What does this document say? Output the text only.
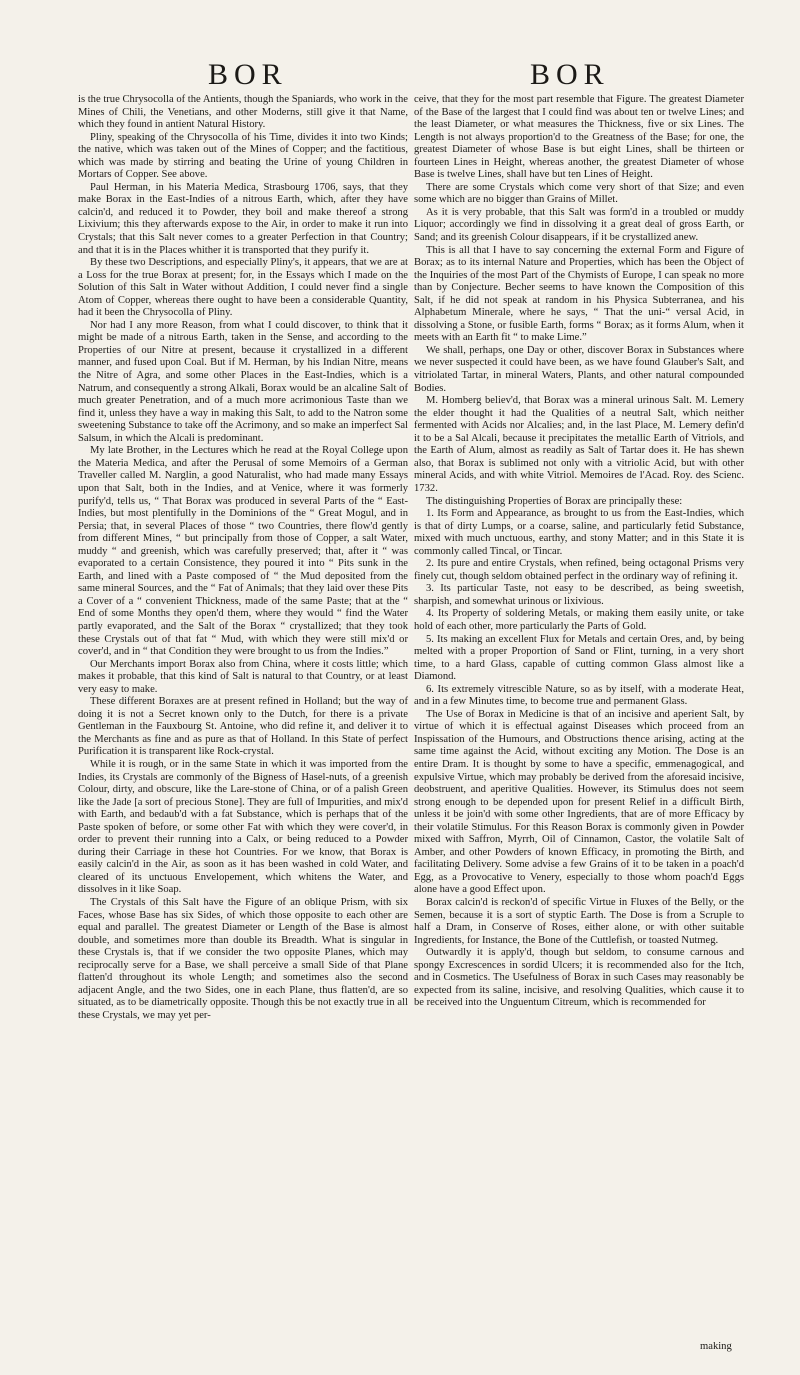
BOR	BOR

is the true Chrysocolla of the Antients, though the Spaniards, who work in the Mines of Chili, the Venetians, and other Moderns, still give it that Name, which they found in antient Natural History.

Pliny, speaking of the Chrysocolla of his Time, divides it into two Kinds; the native, which was taken out of the Mines of Copper; and the factitious, which was made by stirring and beating the Urine of young Children in Mortars of Copper. See above.

Paul Herman, in his Materia Medica, Strasbourg 1706, says, that they make Borax in the East-Indies of a nitrous Earth, which, after they have calcin'd, and reduced it to Powder, they boil and make thereof a strong Lixivium; this they afterwards expose to the Air, in order to make it run into Crystals; that this Salt never comes to a greater Perfection in that Country; and that it is in the Places whither it is transported that they purify it.

By these two Descriptions, and especially Pliny's, it appears, that we are at a Loss for the true Borax at present; for, in the Essays which I made on the Solution of this Salt in Water without Addition, I could never find a single Atom of Copper, whereas there ought to have been a considerable Quantity, had it been the Chrysocolla of Pliny.

Nor had I any more Reason, from what I could discover, to think that it might be made of a nitrous Earth, taken in the Sense, and according to the Properties of our Nitre at present, because it crystallized in a different manner, and fused upon Coal. But if M. Herman, by his Indian Nitre, means the Nitre of Agra, and some other Places in the East-Indies, which is a Natrum, and consequently a strong Alkali, Borax would be an alcaline Salt of much greater Penetration, and of a much more acrimonious Taste than we find it, unless they have a way in making this Salt, to add to the Natron some sweetening Substance to take off the Acrimony, and so make an imperfect Sal Salsum, in which the Alcali is predominant.

My late Brother, in the Lectures which he read at the Royal College upon the Materia Medica, and after the Perusal of some Memoirs of a German Traveller called M. Narglin, a good Naturalist, who had made many Essays upon that Salt, both in the Indies, and at Venice, where it was formerly purify'd, tells us, “ That Borax was produced in several Parts of the “ East-Indies, but most plentifully in the Dominions of the “ Great Mogul, and in Persia; that, in several Places of those “ two Countries, there flow'd gently from different Mines, “ but principally from those of Copper, a salt Water, muddy “ and greenish, which was carefully preserved; that, after it “ was evaporated to a certain Consistence, they poured it into “ Pits sunk in the Earth, and lined with a Paste composed of “ the Mud deposited from the same mineral Sources, and the “ Fat of Animals; that they laid over these Pits a Cover of a “ convenient Thickness, made of the same Paste; that at the “ End of some Months they open'd them, where they would “ find the Water partly evaporated, and the Salt of the Borax “ crystallized; that they took these Crystals out of that fat “ Mud, with which they were still mix'd or cover'd, and in “ that Condition they were brought to us from the Indies.”

Our Merchants import Borax also from China, where it costs little; which makes it probable, that this kind of Salt is natural to that Country, or at least very easy to make.

These different Boraxes are at present refined in Holland; but the way of doing it is not a Secret known only to the Dutch, for there is a private Gentleman in the Fauxbourg St. Antoine, who did refine it, and deliver it to the Merchants as fine and as pure as that of Holland. In this State of perfect Purification it is transparent like Rock-crystal.

While it is rough, or in the same State in which it was imported from the Indies, its Crystals are commonly of the Bigness of Hasel-nuts, of a greenish Colour, dirty, and obscure, like the Lare-stone of China, or of a palish Green like the Jade [a sort of precious Stone]. They are full of Impurities, and mix'd with Earth, and bedaub'd with a fat Substance, which is perhaps that of the Paste spoken of before, or some other Fat with which they were cover'd, in order to prevent their running into a Calx, or being reduced to a Powder during their Carriage in these hot Countries. For we know, that Borax is easily calcin'd in the Air, as soon as it has been washed in cold Water, and cleared of its unctuous Envelopement, which whitens the Water, and dissolves in it like Soap.

The Crystals of this Salt have the Figure of an oblique Prism, with six Faces, whose Base has six Sides, of which those opposite to each other are equal and parallel. The greatest Diameter or Length of the Base is almost double, and sometimes more than double its Breadth. What is singular in these Crystals is, that if we consider the two opposite Planes, which may reciprocally serve for a Base, we shall perceive a small Side of that Plane flatten'd throughout its whole Length; and sometimes also the second adjacent Angle, and the two Sides, one in each Plane, thus flatten'd, are so situated, as to be diametrically opposite. Though this be not exactly true in all these Crystals, we may yet per-

ceive, that they for the most part resemble that Figure. The greatest Diameter of the Base of the largest that I could find was about ten or twelve Lines; and the least Diameter, or what measures the Thickness, five or six Lines. The Length is not always proportion'd to the Greatness of the Base; for one, the greatest Diameter of whose Base is but eight Lines, shall be thirteen or fourteen Lines in Height, whereas another, the greatest Diameter of whose Base is twelve Lines, shall have but ten Lines of Height.

There are some Crystals which come very short of that Size; and even some which are no bigger than Grains of Millet.

As it is very probable, that this Salt was form'd in a troubled or muddy Liquor; accordingly we find in dissolving it a great deal of gross Earth, or Sand; and its greenish Colour disappears, if it be crystallized anew.

This is all that I have to say concerning the external Form and Figure of Borax; as to its internal Nature and Properties, which has been the Object of the Inquiries of the most Part of the Chymists of Europe, I can speak no more than by Conjecture. Becher seems to have known the Composition of this Salt, if he did not speak at random in his Physica Subterranea, and his Alphabetum Minerale, where he says, “ That the uni-“ versal Acid, in dissolving a Stone, or fusible Earth, forms “ Borax; as it forms Alum, when it meets with an Earth fit “ to make Lime.”

We shall, perhaps, one Day or other, discover Borax in Substances where we never suspected it could have been, as we have found Glauber's Salt, and vitriolated Tartar, in mineral Waters, Plants, and other natural compounded Bodies.

M. Homberg believ'd, that Borax was a mineral urinous Salt. M. Lemery the elder thought it had the Qualities of a neutral Salt, which neither fermented with Acids nor Alcalies; and, in the last Place, M. Lemery defin'd it to be a Sal Alcali, because it precipitates the metallic Earth of Vitriols, and the Earth of Alum, almost as readily as Salt of Tartar does it. He has shewn also, that Borax is sublimed not only with a vitriolic Acid, but with other mineral Acids, and with white Vitriol. Memoires de l'Acad. Roy. des Scienc. 1732.

The distinguishing Properties of Borax are principally these:

1. Its Form and Appearance, as brought to us from the East-Indies, which is that of dirty Lumps, or a coarse, saline, and particularly fetid Substance, mixed with much unctuous, earthy, and stony Matter; and in this State it is commonly called Tincal, or Tincar.

2. Its pure and entire Crystals, when refined, being octagonal Prisms very finely cut, though seldom obtained perfect in the ordinary way of refining it.

3. Its particular Taste, not easy to be described, as being sweetish, sharpish, and somewhat urinous or lixivious.

4. Its Property of soldering Metals, or making them easily unite, or take hold of each other, more particularly the Parts of Gold.

5. Its making an excellent Flux for Metals and certain Ores, and, by being melted with a proper Proportion of Sand or Flint, turning, in a very short time, to a hard Glass, capable of cutting common Glass almost like a Diamond.

6. Its extremely vitrescible Nature, so as by itself, with a moderate Heat, and in a few Minutes time, to become true and permanent Glass.

The Use of Borax in Medicine is that of an incisive and aperient Salt, by virtue of which it is effectual against Diseases which proceed from an Inspissation of the Humours, and Obstructions thence arising, acting at the same time against the Acid, without exciting any Motion. The Dose is an entire Dram. It is thought by some to have a specific, emmenagogical, and expulsive Virtue, which may probably be derived from the aforesaid incisive, deobstruent, and aperitive Qualities. However, its Stimulus does not seem strong enough to be depended upon for present Relief in a difficult Birth, unless it be join'd with some other Ingredients, that are of more Efficacy by their volatile Stimulus. For this Reason Borax is commonly given in Powder mixed with Saffron, Myrrh, Oil of Cinnamon, Castor, the volatile Salt of Amber, and other Powders of known Efficacy, in promoting the Birth, and facilitating Delivery. Some advise a few Grains of it to be taken in a poach'd Egg, as a Provocative to Venery, especially to those whom poach'd Eggs alone have a good Effect upon.

Borax calcin'd is reckon'd of specific Virtue in Fluxes of the Belly, or the Semen, because it is a sort of styptic Earth. The Dose is from a Scruple to half a Dram, in Conserve of Roses, either alone, or with other suitable Ingredients, for Instance, the Bone of the Cuttlefish, or toasted Nutmeg.

Outwardly it is apply'd, though but seldom, to consume carnous and spongy Excrescences in sordid Ulcers; it is recommended also for the Itch, and in Cosmetics. The Usefulness of Borax in such Cases may reasonably be expected from its saline, incisive, and resolving Qualities, which cause it to be received into the Unguentum Citreum, which is recommended for

making
